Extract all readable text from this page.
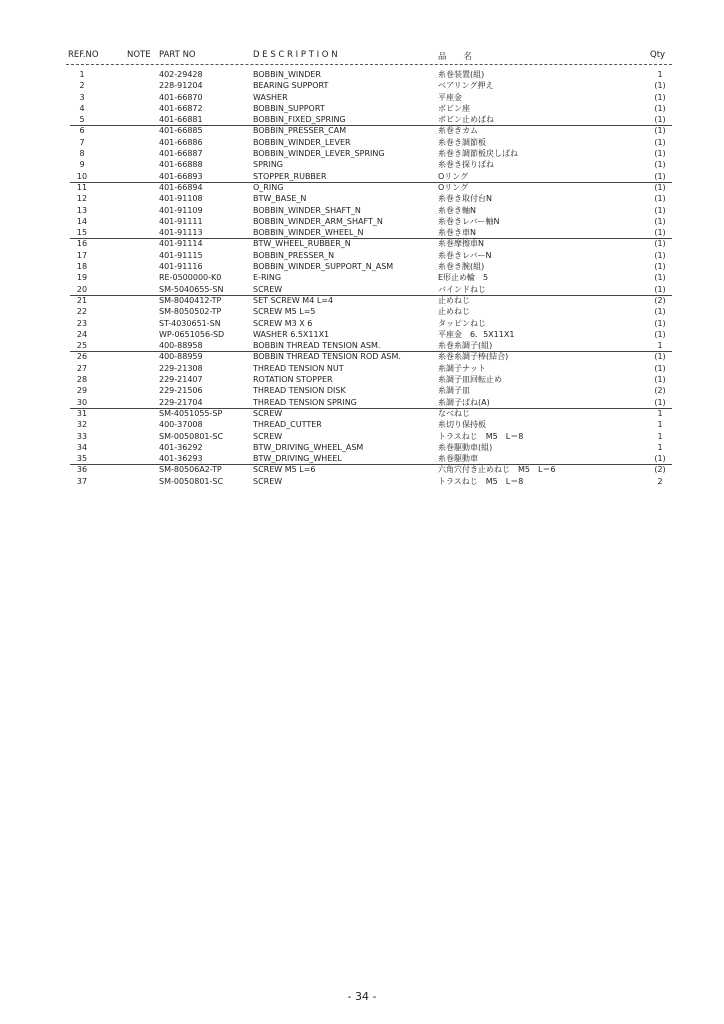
REF.NO	NOTE PART NO	D E S C R I P T I O N	品　　名	Qty
1	402-29428	BOBBIN_WINDER	糸巻装置(組)	1
2	228-91204	BEARING SUPPORT	ベアリング押え	(1)
3	401-66870	WASHER	平座金	(1)
4	401-66872	BOBBIN_SUPPORT	ボビン座	(1)
5	401-66881	BOBBIN_FIXED_SPRING	ボビン止めばね	(1)
6	401-66885	BOBBIN_PRESSER_CAM	糸巻きカム	(1)
7	401-66886	BOBBIN_WINDER_LEVER	糸巻き調節板	(1)
8	401-66887	BOBBIN_WINDER_LEVER_SPRING	糸巻き調節板戻しばね	(1)
9	401-66888	SPRING	糸巻き探りばね	(1)
10	401-66893	STOPPER_RUBBER	Oリング	(1)
11	401-66894	O_RING	Oリング	(1)
12	401-91108	BTW_BASE_N	糸巻き取付台N	(1)
13	401-91109	BOBBIN_WINDER_SHAFT_N	糸巻き軸N	(1)
14	401-91111	BOBBIN_WINDER_ARM_SHAFT_N	糸巻きレバー軸N	(1)
15	401-91113	BOBBIN_WINDER_WHEEL_N	糸巻き車N	(1)
16	401-91114	BTW_WHEEL_RUBBER_N	糸巻摩擦車N	(1)
17	401-91115	BOBBIN_PRESSER_N	糸巻きレバーN	(1)
18	401-91116	BOBBIN_WINDER_SUPPORT_N_ASM	糸巻き腕(組)	(1)
19	RE-0500000-K0	E-RING	E形止め輪　5	(1)
20	SM-5040655-SN	SCREW	バインドねじ	(1)
21	SM-8040412-TP	SET SCREW M4 L=4	止めねじ	(2)
22	SM-8050502-TP	SCREW M5 L=5	止めねじ	(1)
23	ST-4030651-SN	SCREW M3 X 6	タッピンねじ	(1)
24	WP-0651056-SD	WASHER 6.5X11X1	平座金　6．5X11X1	(1)
25	400-88958	BOBBIN THREAD TENSION ASM.	糸巻糸調子(組)	1
26	400-88959	BOBBIN THREAD TENSION ROD ASM.	糸巻糸調子棒(結合)	(1)
27	229-21308	THREAD TENSION NUT	糸調子ナット	(1)
28	229-21407	ROTATION STOPPER	糸調子皿回転止め	(1)
29	229-21506	THREAD TENSION DISK	糸調子皿	(2)
30	229-21704	THREAD TENSION SPRING	糸調子ばね(A)	(1)
31	SM-4051055-SP	SCREW	なべねじ	1
32	400-37008	THREAD_CUTTER	糸切り保持板	1
33	SM-0050801-SC	SCREW	トラスねじ　M5　L＝8	1
34	401-36292	BTW_DRIVING_WHEEL_ASM	糸巻駆動車(組)	1
35	401-36293	BTW_DRIVING_WHEEL	糸巻駆動車	(1)
36	SM-80506A2-TP	SCREW M5 L=6	六角穴付き止めねじ　M5　L＝6	(2)
37	SM-0050801-SC	SCREW	トラスねじ　M5　L＝8	2
- 34 -
